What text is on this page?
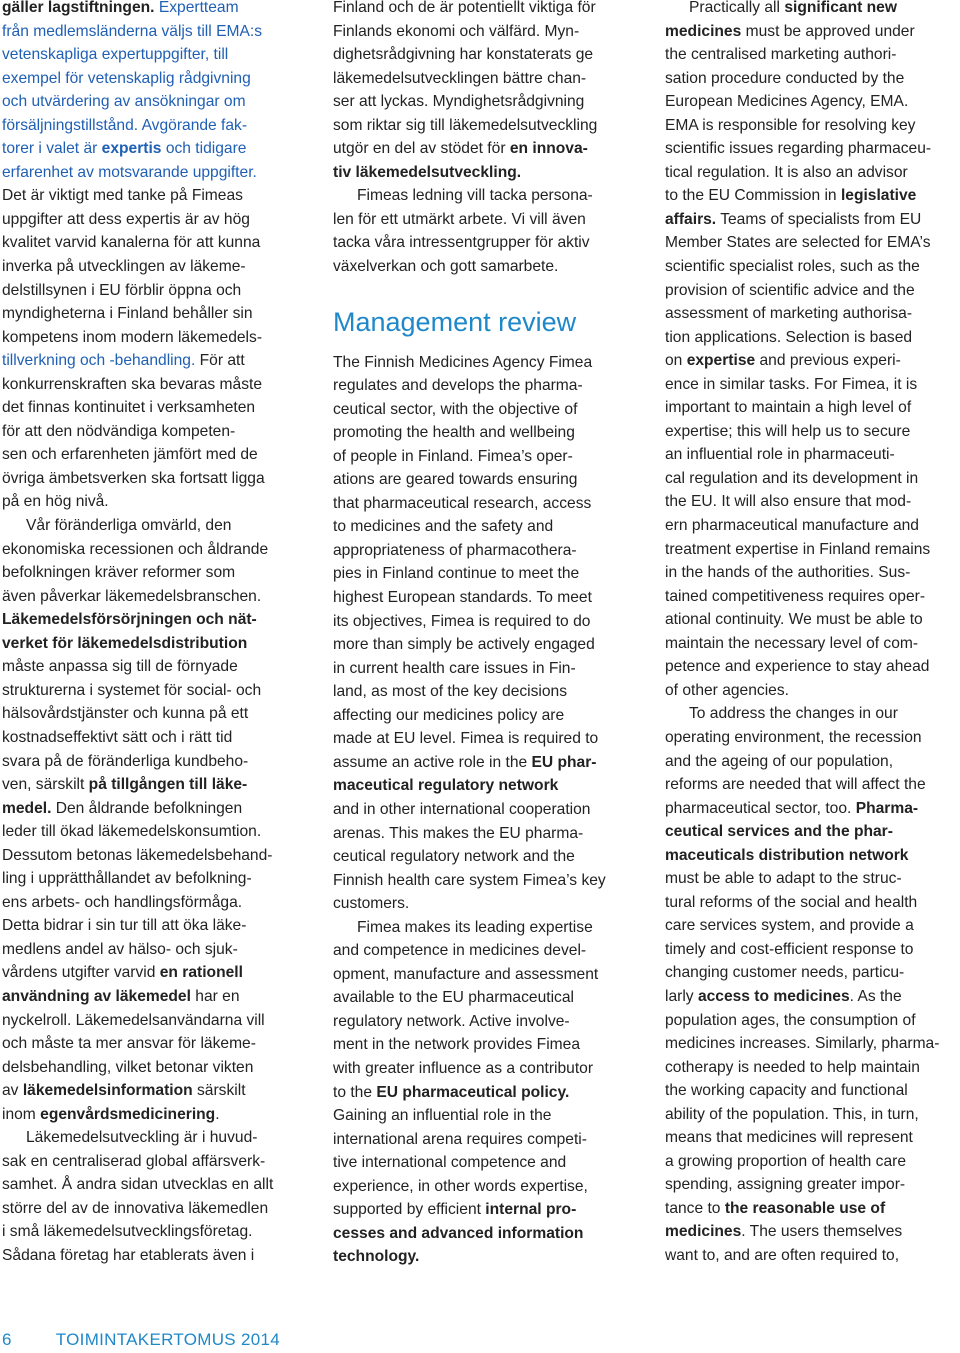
gäller lagstiftningen. Expertteam
från medlemsländerna väljs till EMA:s
vetenskapliga expertuppgifter, till
exempel för vetenskaplig rådgivning
och utvärdering av ansökningar om
försäljningstillstånd. Avgörande fak-
torer i valet är expertis och tidigare
erfarenhet av motsvarande uppgifter.
Det är viktigt med tanke på Fimeas
uppgifter att dess expertis är av hög
kvalitet varvid kanalerna för att kunna
inverka på utvecklingen av läkeme-
delstillsynen i EU förblir öppna och
myndigheterna i Finland behåller sin
kompetens inom modern läkemedels-
tillverkning och -behandling. För att
konkurrenskraften ska bevaras måste
det finnas kontinuitet i verksamheten
för att den nödvändiga kompeten-
sen och erfarenheten jämfört med de
övriga ämbetsverken ska fortsatt ligga
på en hög nivå.
Vår föränderliga omvärld, den
ekonomiska recessionen och åldrande
befolkningen kräver reformer som
även påverkar läkemedelsbranschen.
Läkemedelsförsörjningen och nät-
verket för läkemedelsdistribution
måste anpassa sig till de förnyade
strukturerna i systemet för social- och
hälsovårdstjänster och kunna på ett
kostnadseffektivt sätt och i rätt tid
svara på de föränderliga kundbeho-
ven, särskilt på tillgången till läke-
medel. Den åldrande befolkningen
leder till ökad läkemedelskonsumtion.
Dessutom betonas läkemedelsbehand-
ling i upprätthållandet av befolkning-
ens arbets- och handlingsförmåga.
Detta bidrar i sin tur till att öka läke-
medlens andel av hälso- och sjuk-
vårdens utgifter varvid en rationell
användning av läkemedel har en
nyckelroll. Läkemedelsanvändarna vill
och måste ta mer ansvar för läkeme-
delsbehandling, vilket betonar vikten
av läkemedelsinformation särskilt
inom egenvårdsmedicinering.
Läkemedelsutveckling är i huvud-
sak en centraliserad global affärsverk-
samhet. Å andra sidan utvecklas en allt
större del av de innovativa läkemedlen
i små läkemedelsutvecklingsföretag.
Sådana företag har etablerats även i
Finland och de är potentiellt viktiga för
Finlands ekonomi och välfärd. Myn-
dighetsrådgivning har konstaterats ge
läkemedelsutvecklingen bättre chan-
ser att lyckas. Myndighetsrådgivning
som riktar sig till läkemedelsutveckling
utgör en del av stödet för en innova-
tiv läkemedelsutveckling.
Fimeas ledning vill tacka persona-
len för ett utmärkt arbete. Vi vill även
tacka våra intressentgrupper för aktiv
växelverkan och gott samarbete.
Management review
The Finnish Medicines Agency Fimea
regulates and develops the pharma-
ceutical sector, with the objective of
promoting the health and wellbeing
of people in Finland. Fimea’s oper-
ations are geared towards ensuring
that pharmaceutical research, access
to medicines and the safety and
appropriateness of pharmacothera-
pies in Finland continue to meet the
highest European standards. To meet
its objectives, Fimea is required to do
more than simply be actively engaged
in current health care issues in Fin-
land, as most of the key decisions
affecting our medicines policy are
made at EU level. Fimea is required to
assume an active role in the EU phar-
maceutical regulatory network
and in other international cooperation
arenas. This makes the EU pharma-
ceutical regulatory network and the
Finnish health care system Fimea’s key
customers.
Fimea makes its leading expertise
and competence in medicines devel-
opment, manufacture and assessment
available to the EU pharmaceutical
regulatory network. Active involve-
ment in the network provides Fimea
with greater influence as a contributor
to the EU pharmaceutical policy.
Gaining an influential role in the
international arena requires competi-
tive international competence and
experience, in other words expertise,
supported by efficient internal pro-
cesses and advanced information
technology.
Practically all significant new
medicines must be approved under
the centralised marketing authori-
sation procedure conducted by the
European Medicines Agency, EMA.
EMA is responsible for resolving key
scientific issues regarding pharmaceu-
tical regulation. It is also an advisor
to the EU Commission in legislative
affairs. Teams of specialists from EU
Member States are selected for EMA’s
scientific specialist roles, such as the
provision of scientific advice and the
assessment of marketing authorisa-
tion applications. Selection is based
on expertise and previous experi-
ence in similar tasks. For Fimea, it is
important to maintain a high level of
expertise; this will help us to secure
an influential role in pharmaceuti-
cal regulation and its development in
the EU. It will also ensure that mod-
ern pharmaceutical manufacture and
treatment expertise in Finland remains
in the hands of the authorities. Sus-
tained competitiveness requires oper-
ational continuity. We must be able to
maintain the necessary level of com-
petence and experience to stay ahead
of other agencies.
To address the changes in our
operating environment, the recession
and the ageing of our population,
reforms are needed that will affect the
pharmaceutical sector, too. Pharma-
ceutical services and the phar-
maceuticals distribution network
must be able to adapt to the struc-
tural reforms of the social and health
care services system, and provide a
timely and cost-efficient response to
changing customer needs, particu-
larly access to medicines. As the
population ages, the consumption of
medicines increases. Similarly, pharma-
cotherapy is needed to help maintain
the working capacity and functional
ability of the population. This, in turn,
means that medicines will represent
a growing proportion of health care
spending, assigning greater impor-
tance to the reasonable use of
medicines. The users themselves
want to, and are often required to,
6	TOIMINTAKERTOMUS 2014
